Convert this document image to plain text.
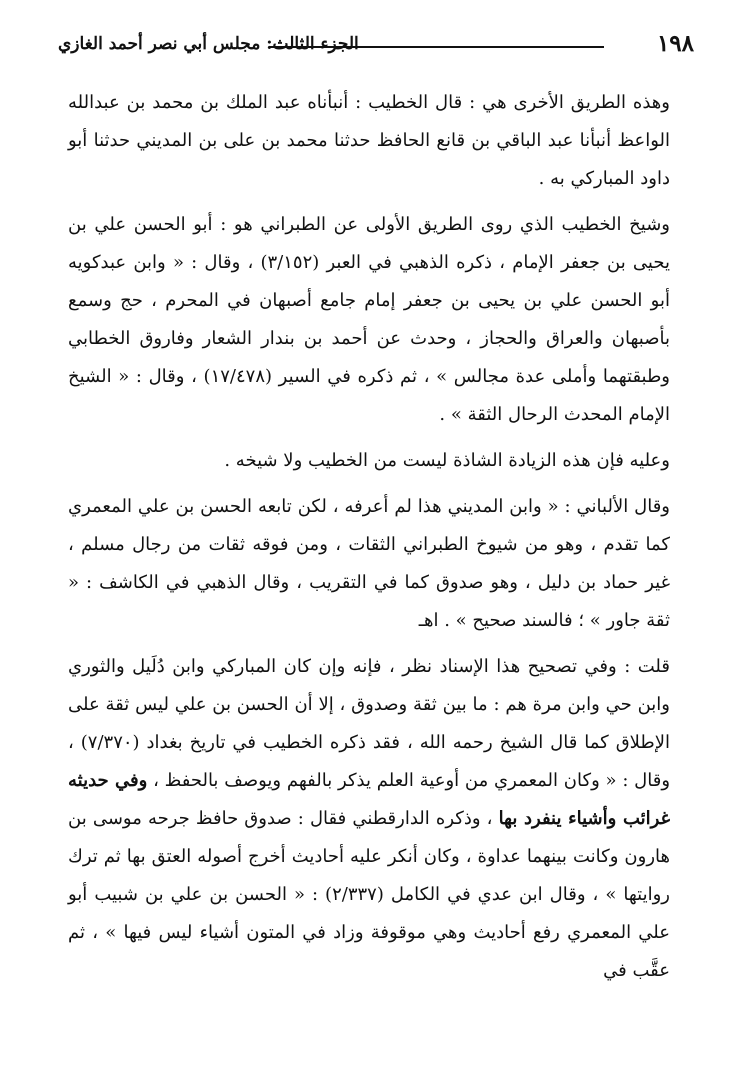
١٩٨
الجزء الثالث: مجلس أبي نصر أحمد الغازي

وهذه الطريق الأخرى هي : قال الخطيب : أنبأناه عبد الملك بن محمد بن عبدالله الواعظ أنبأنا عبد الباقي بن قانع الحافظ حدثنا محمد بن على بن المديني حدثنا أبو داود المباركي به .

وشيخ الخطيب الذي روى الطريق الأولى عن الطبراني هو : أبو الحسن علي بن يحيى بن جعفر الإمام ، ذكره الذهبي في العبر (٣/١٥٢) ، وقال : « وابن عبدكويه أبو الحسن علي بن يحيى بن جعفر إمام جامع أصبهان في المحرم ، حج وسمع بأصبهان والعراق والحجاز ، وحدث عن أحمد بن بندار الشعار وفاروق الخطابي وطبقتهما وأملى عدة مجالس » ، ثم ذكره في السير (١٧/٤٧٨) ، وقال : « الشيخ الإمام المحدث الرحال الثقة » .

وعليه فإن هذه الزيادة الشاذة ليست من الخطيب ولا شيخه .

وقال الألباني : « وابن المديني هذا لم أعرفه ، لكن تابعه الحسن بن علي المعمري كما تقدم ، وهو من شيوخ الطبراني الثقات ، ومن فوقه ثقات من رجال مسلم ، غير حماد بن دليل ، وهو صدوق كما في التقريب ، وقال الذهبي في الكاشف : « ثقة جاور » ؛ فالسند صحيح » . اهـ

قلت : وفي تصحيح هذا الإسناد نظر ، فإنه وإن كان المباركي وابن دُلَيل والثوري وابن حي وابن مرة هم : ما بين ثقة وصدوق ، إلا أن الحسن بن علي ليس ثقة على الإطلاق كما قال الشيخ رحمه الله ، فقد ذكره الخطيب في تاريخ بغداد (٧/٣٧٠) ، وقال : « وكان المعمري من أوعية العلم يذكر بالفهم ويوصف بالحفظ ، وفي حديثه غرائب وأشياء ينفرد بها ، وذكره الدارقطني فقال : صدوق حافظ جرحه موسى بن هارون وكانت بينهما عداوة ، وكان أنكر عليه أحاديث أخرج أصوله العتق بها ثم ترك روايتها » ، وقال ابن عدي في الكامل (٢/٣٣٧) : « الحسن بن علي بن شبيب أبو علي المعمري رفع أحاديث وهي موقوفة وزاد في المتون أشياء ليس فيها » ، ثم عقَّب في
